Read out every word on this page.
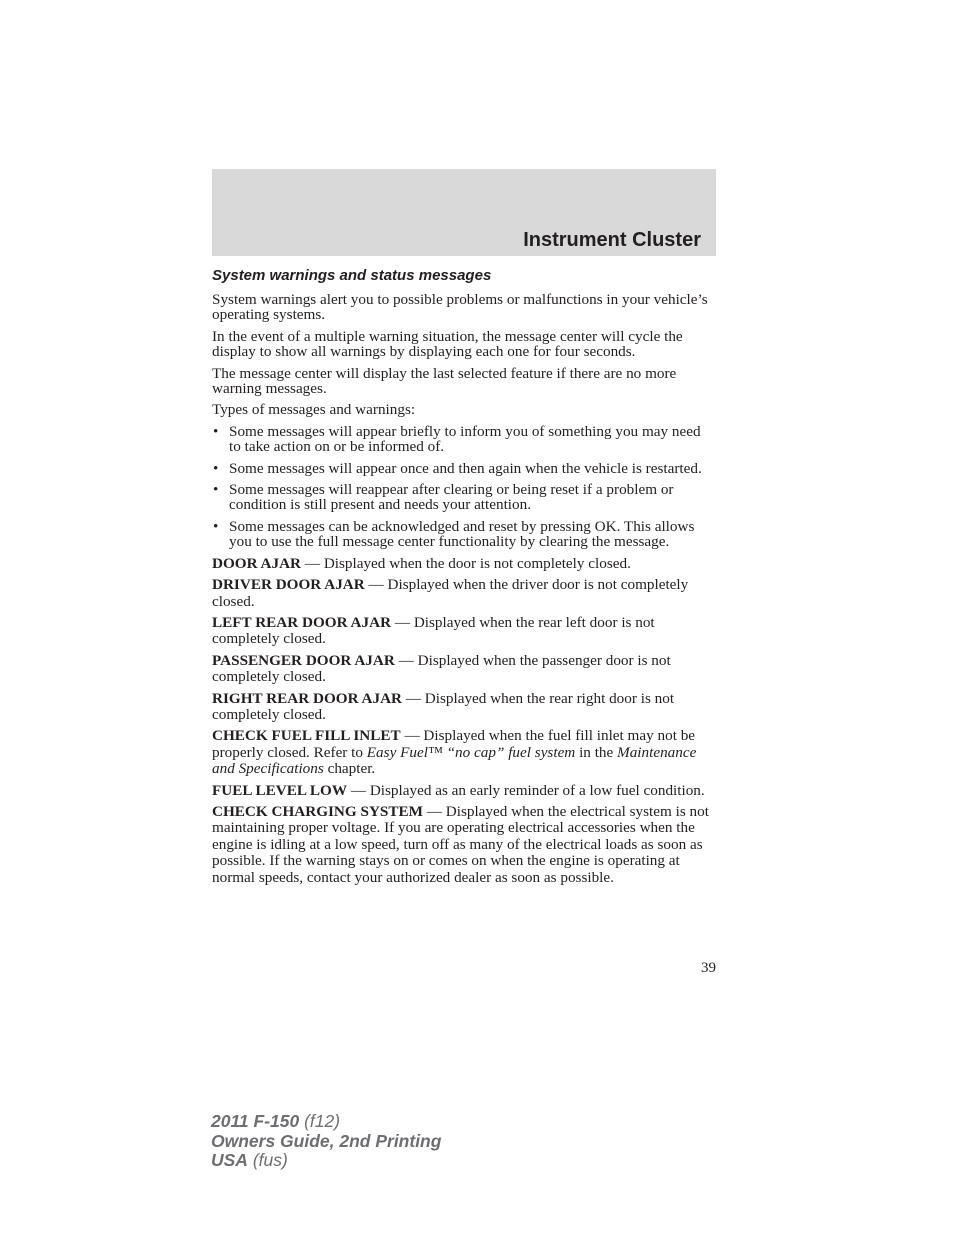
Instrument Cluster
System warnings and status messages

System warnings alert you to possible problems or malfunctions in your vehicle’s operating systems.

In the event of a multiple warning situation, the message center will cycle the display to show all warnings by displaying each one for four seconds.

The message center will display the last selected feature if there are no more warning messages.

Types of messages and warnings:

• Some messages will appear briefly to inform you of something you may need to take action on or be informed of.
• Some messages will appear once and then again when the vehicle is restarted.
• Some messages will reappear after clearing or being reset if a problem or condition is still present and needs your attention.
• Some messages can be acknowledged and reset by pressing OK. This allows you to use the full message center functionality by clearing the message.

DOOR AJAR — Displayed when the door is not completely closed.

DRIVER DOOR AJAR — Displayed when the driver door is not completely closed.

LEFT REAR DOOR AJAR — Displayed when the rear left door is not completely closed.

PASSENGER DOOR AJAR — Displayed when the passenger door is not completely closed.

RIGHT REAR DOOR AJAR — Displayed when the rear right door is not completely closed.

CHECK FUEL FILL INLET — Displayed when the fuel fill inlet may not be properly closed. Refer to Easy Fuel™ “no cap” fuel system in the Maintenance and Specifications chapter.

FUEL LEVEL LOW — Displayed as an early reminder of a low fuel condition.

CHECK CHARGING SYSTEM — Displayed when the electrical system is not maintaining proper voltage. If you are operating electrical accessories when the engine is idling at a low speed, turn off as many of the electrical loads as soon as possible. If the warning stays on or comes on when the engine is operating at normal speeds, contact your authorized dealer as soon as possible.

39
2011 F-150 (f12)
Owners Guide, 2nd Printing
USA (fus)
